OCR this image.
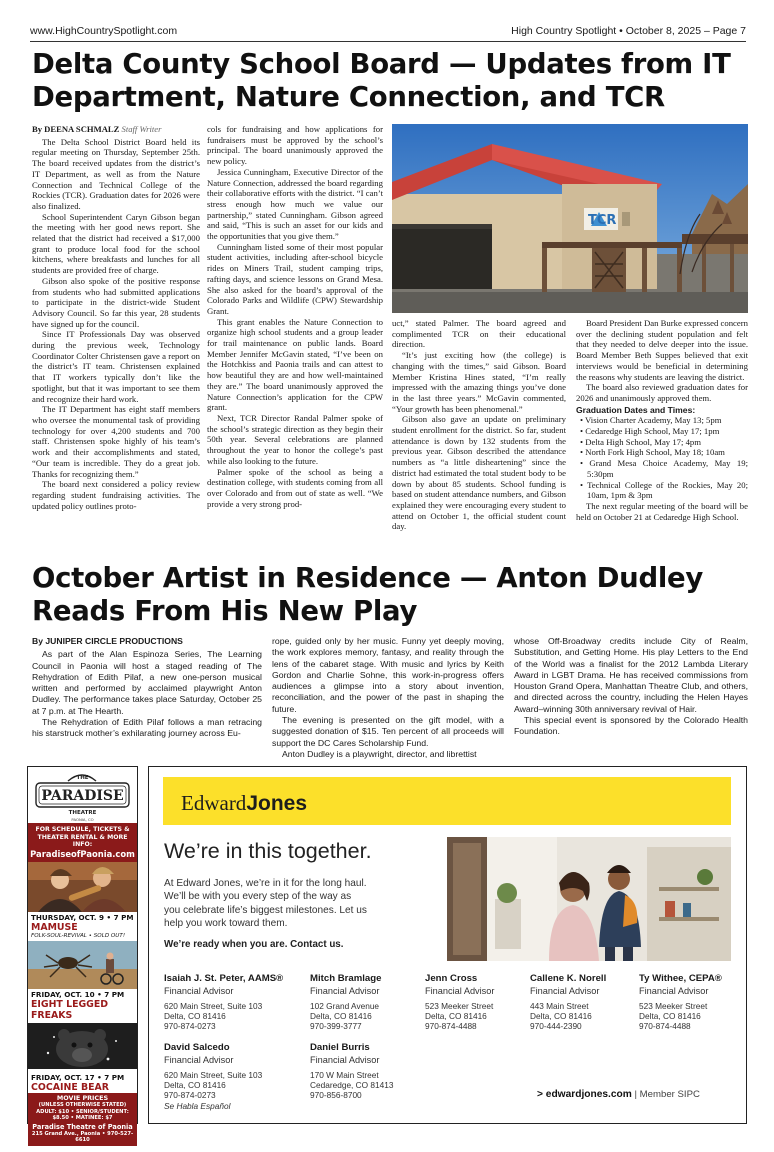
www.HighCountrySpotlight.com	High Country Spotlight • October 8, 2025 – Page 7
Delta County School Board — Updates from IT Department, Nature Connection, and TCR
By DEENA SCHMALZ Staff Writer

The Delta School District Board held its regular meeting on Thursday, September 25th. The board received updates from the district’s IT Department, as well as from the Nature Connection and Technical College of the Rockies (TCR). Graduation dates for 2026 were also finalized.

School Superintendent Caryn Gibson began the meeting with her good news report. She related that the district had received a $17,000 grant to produce local food for the school kitchens, where breakfasts and lunches for all students are provided free of charge.

Gibson also spoke of the positive response from students who had submitted applications to participate in the district-wide Student Advisory Council. So far this year, 28 students have signed up for the council.

Since IT Professionals Day was observed during the previous week, Technology Coordinator Colter Christensen gave a report on the district’s IT team. Christensen explained that IT workers typically don’t like the spotlight, but that it was important to see them and recognize their hard work.

The IT Department has eight staff members who oversee the monumental task of providing technology for over 4,200 students and 700 staff. Christensen spoke highly of his team’s work and their accomplishments and stated, “Our team is incredible. They do a great job. Thanks for recognizing them.”

The board next considered a policy review regarding student fundraising activities. The updated policy outlines proto-

cols for fundraising and how applications for fundraisers must be approved by the school’s principal. The board unanimously approved the new policy.

Jessica Cunningham, Executive Director of the Nature Connection, addressed the board regarding their collaborative efforts with the district. “I can’t stress enough how much we value our partnership,” stated Cunningham. Gibson agreed and said, “This is such an asset for our kids and the opportunities that you give them.”

Cunningham listed some of their most popular student activities, including after-school bicycle rides on Miners Trail, student camping trips, rafting days, and science lessons on Grand Mesa. She also asked for the board’s approval of the Colorado Parks and Wildlife (CPW) Stewardship Grant.

This grant enables the Nature Connection to organize high school students and a group leader for trail maintenance on public lands. Board Member Jennifer McGavin stated, “I’ve been on the Hotchkiss and Paonia trails and can attest to how beautiful they are and how well-maintained they are.” The board unanimously approved the Nature Connection’s application for the CPW grant.

Next, TCR Director Randal Palmer spoke of the school’s strategic direction as they begin their 50th year. Several celebrations are planned throughout the year to honor the college’s past while also looking to the future.

Palmer spoke of the school as being a destination college, with students coming from all over Colorado and from out of state as well. “We provide a very strong prod-

TCR

uct,” stated Palmer. The board agreed and complimented TCR on their educational direction.

“It’s just exciting how (the college) is changing with the times,” said Gibson. Board Member Kristina Hines stated, “I’m really impressed with the amazing things you’ve done in the last three years.” McGavin commented, “Your growth has been phenomenal.”

Gibson also gave an update on preliminary student enrollment for the district. So far, student attendance is down by 132 students from the previous year. Gibson described the attendance numbers as “a little disheartening” since the district had estimated the total student body to be down by about 85 students. School funding is based on student attendance numbers, and Gibson explained they were encouraging every student to attend on October 1, the official student count day.

Board President Dan Burke expressed concern over the declining student population and felt that they needed to delve deeper into the issue. Board Member Beth Suppes believed that exit interviews would be beneficial in determining the reasons why students are leaving the district.

The board also reviewed graduation dates for 2026 and unanimously approved them.

Graduation Dates and Times:
• Vision Charter Academy, May 13; 5pm
• Cedaredge High School, May 17; 1pm
• Delta High School, May 17; 4pm
• North Fork High School, May 18; 10am
• Grand Mesa Choice Academy, May 19; 5:30pm
• Technical College of the Rockies, May 20; 10am, 1pm & 3pm

The next regular meeting of the board will be held on October 21 at Cedaredge High School.

October Artist in Residence — Anton Dudley Reads From His New Play
By JUNIPER CIRCLE PRODUCTIONS

As part of the Alan Espinoza Series, The Learning Council in Paonia will host a staged reading of The Rehydration of Edith Pilaf, a new one-person musical written and performed by acclaimed playwright Anton Dudley. The performance takes place Saturday, October 25 at 7 p.m. at The Hearth.

The Rehydration of Edith Pilaf follows a man retracing his starstruck mother’s exhilarating journey across Eu-

rope, guided only by her music. Funny yet deeply moving, the work explores memory, fantasy, and reality through the lens of the cabaret stage. With music and lyrics by Keith Gordon and Charlie Sohne, this work-in-progress offers audiences a glimpse into a story about invention, reconciliation, and the power of the past in shaping the future.

The evening is presented on the gift model, with a suggested donation of $15. Ten percent of all proceeds will support the DC Cares Scholarship Fund.

Anton Dudley is a playwright, director, and librettist

whose Off-Broadway credits include City of Realm, Substitution, and Getting Home. His play Letters to the End of the World was a finalist for the 2012 Lambda Literary Award in LGBT Drama. He has received commissions from Houston Grand Opera, Manhattan Theatre Club, and others, and directed across the country, including the Helen Hayes Award–winning 30th anniversary revival of Hair.

This special event is sponsored by the Colorado Health Foundation.

THE
PARADISE
THEATRE
PAONIA, CO
FOR SCHEDULE, TICKETS & THEATER RENTAL & MORE INFO:
ParadiseofPaonia.com
THURSDAY, OCT. 9 • 7 PM
MAMUSE
FOLK-SOUL-REVIVAL • SOLD OUT!
FRIDAY, OCT. 10 • 7 PM
EIGHT LEGGED FREAKS
FRIDAY, OCT. 17 • 7 PM
COCAINE BEAR
MOVIE PRICES
(UNLESS OTHERWISE STATED)
ADULT: $10 • SENIOR/STUDENT: $8.50 • MATINEE: $7
Paradise Theatre of Paonia
215 Grand Ave., Paonia • 970-527-6610
EdwardJones
We’re in this together.
At Edward Jones, we’re in it for the long haul. We’ll be with you every step of the way as you celebrate life’s biggest milestones. Let us help you work toward them.
We’re ready when you are. Contact us.
Isaiah J. St. Peter, AAMS®
Financial Advisor
620 Main Street, Suite 103
Delta, CO 81416
970-874-0273
Mitch Bramlage
Financial Advisor
102 Grand Avenue
Delta, CO 81416
970-399-3777
Jenn Cross
Financial Advisor
523 Meeker Street
Delta, CO 81416
970-874-4488
Callene K. Norell
Financial Advisor
443 Main Street
Delta, CO 81416
970-444-2390
Ty Withee, CEPA®
Financial Advisor
523 Meeker Street
Delta, CO 81416
970-874-4488
David Salcedo
Financial Advisor
620 Main Street, Suite 103
Delta, CO 81416
970-874-0273
Se Habla Español
Daniel Burris
Financial Advisor
170 W Main Street
Cedaredge, CO 81413
970-856-8700	> edwardjones.com | Member SIPC
